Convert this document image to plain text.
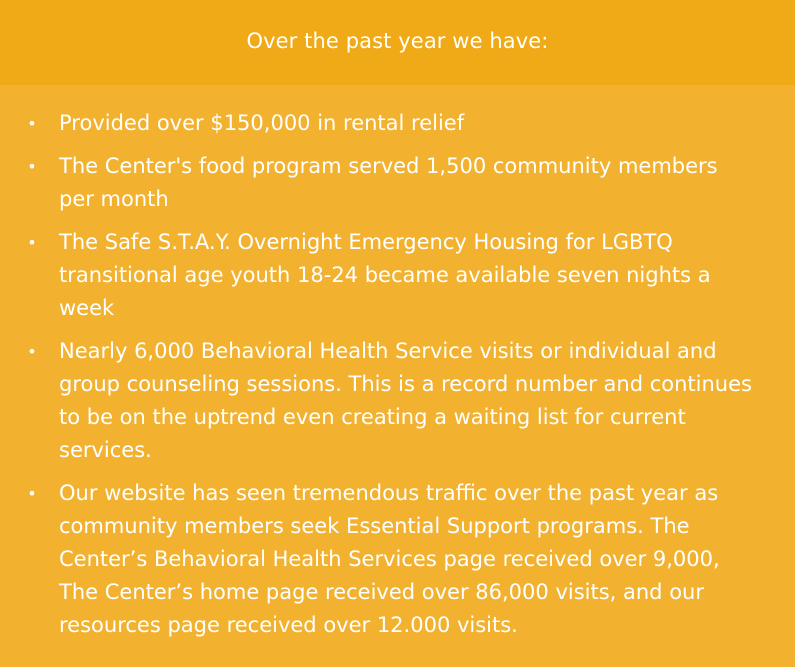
Over the past year we have:
• Provided over $150,000 in rental relief
• The Center's food program served 1,500 community members per month
• The Safe S.T.A.Y. Overnight Emergency Housing for LGBTQ transitional age youth 18-24 became available seven nights a week
• Nearly 6,000 Behavioral Health Service visits or individual and group counseling sessions. This is a record number and continues to be on the uptrend even creating a waiting list for current services.
• Our website has seen tremendous traffic over the past year as community members seek Essential Support programs. The Center’s Behavioral Health Services page received over 9,000, The Center’s home page received over 86,000 visits, and our resources page received over 12.000 visits.
